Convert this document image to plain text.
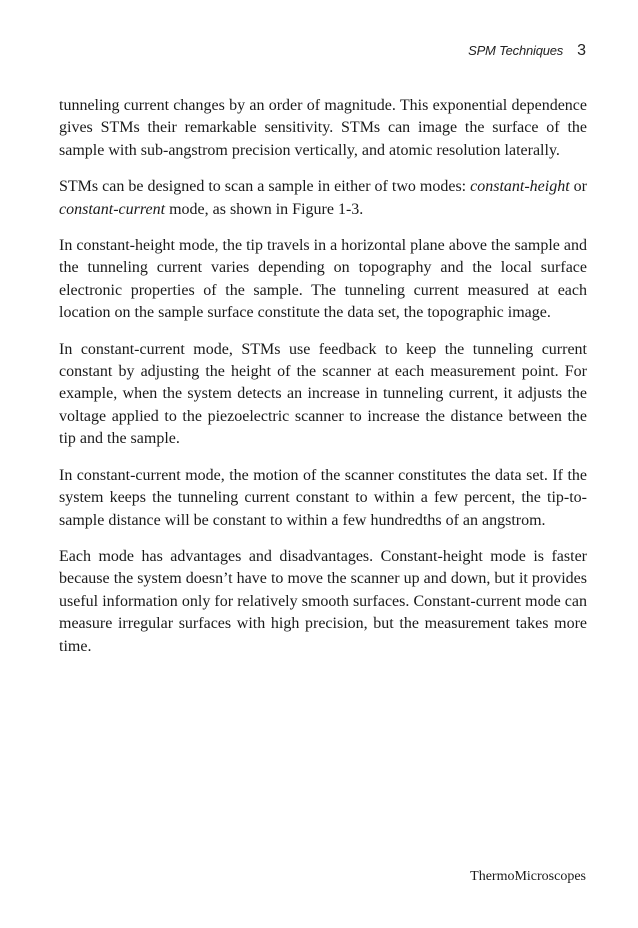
SPM Techniques 3

tunneling current changes by an order of magnitude. This exponential dependence gives STMs their remarkable sensitivity. STMs can image the surface of the sample with sub-angstrom precision vertically, and atomic resolution laterally.

STMs can be designed to scan a sample in either of two modes: constant-height or constant-current mode, as shown in Figure 1-3.

In constant-height mode, the tip travels in a horizontal plane above the sample and the tunneling current varies depending on topography and the local surface electronic properties of the sample. The tunneling current measured at each location on the sample surface constitute the data set, the topographic image.

In constant-current mode, STMs use feedback to keep the tunneling current constant by adjusting the height of the scanner at each measurement point. For example, when the system detects an increase in tunneling current, it adjusts the voltage applied to the piezoelectric scanner to increase the distance between the tip and the sample.

In constant-current mode, the motion of the scanner constitutes the data set. If the system keeps the tunneling current constant to within a few percent, the tip-to-sample distance will be constant to within a few hundredths of an angstrom.

Each mode has advantages and disadvantages. Constant-height mode is faster because the system doesn’t have to move the scanner up and down, but it provides useful information only for relatively smooth surfaces. Constant-current mode can measure irregular surfaces with high precision, but the measurement takes more time.

ThermoMicroscopes
